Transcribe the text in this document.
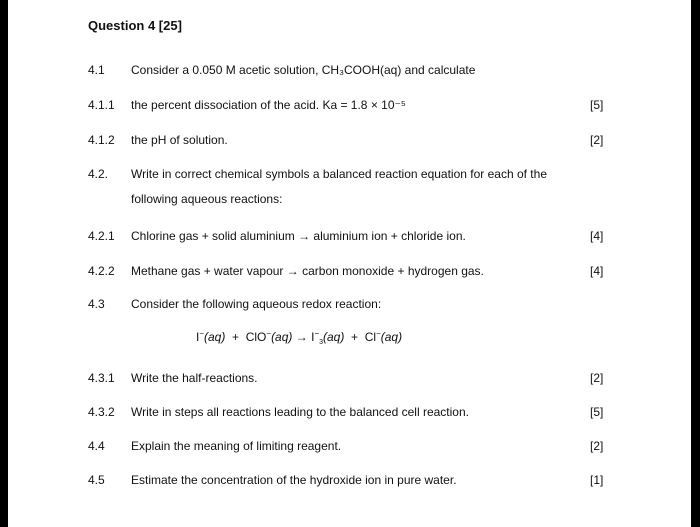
Question 4 [25]
4.1 Consider a 0.050 M acetic solution, CH₃COOH(aq) and calculate
4.1.1 the percent dissociation of the acid. Ka = 1.8 × 10⁻⁵	[5]
4.1.2 the pH of solution.	[2]
4.2. Write in correct chemical symbols a balanced reaction equation for each of the
following aqueous reactions:
4.2.1 Chlorine gas + solid aluminium → aluminium ion + chloride ion.	[4]
4.2.2 Methane gas + water vapour → carbon monoxide + hydrogen gas.	[4]
4.3 Consider the following aqueous redox reaction:
$I^-(aq) + ClO^-(aq) \to I^-_3(aq) + Cl^-(aq)$
4.3.1 Write the half-reactions.	[2]
4.3.2 Write in steps all reactions leading to the balanced cell reaction.	[5]
4.4 Explain the meaning of limiting reagent.	[2]
4.5 Estimate the concentration of the hydroxide ion in pure water.	[1]
